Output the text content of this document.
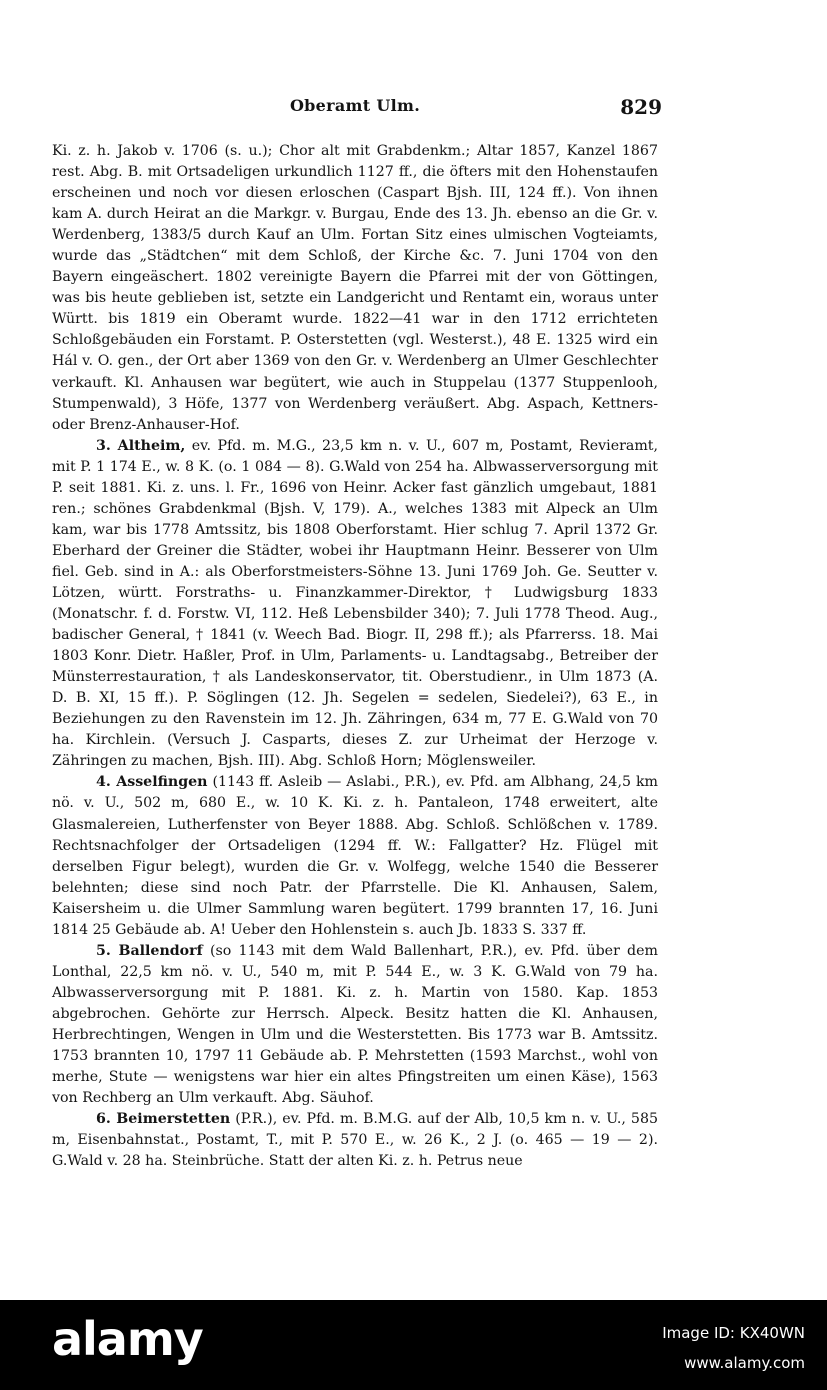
Oberamt Ulm.	829

Ki. z. h. Jakob v. 1706 (s. u.); Chor alt mit Grabdenkm.; Altar 1857, Kanzel 1867 rest. Abg. B. mit Ortsadeligen urkundlich 1127 ff., die öfters mit den Hohenstaufen erscheinen und noch vor diesen erloschen (Caspart Bjsh. III, 124 ff.). Von ihnen kam A. durch Heirat an die Markgr. v. Burgau, Ende des 13. Jh. ebenso an die Gr. v. Werdenberg, 1383/5 durch Kauf an Ulm. Fortan Sitz eines ulmischen Vogteiamts, wurde das „Städtchen“ mit dem Schloß, der Kirche &c. 7. Juni 1704 von den Bayern eingeäschert. 1802 vereinigte Bayern die Pfarrei mit der von Göttingen, was bis heute geblieben ist, setzte ein Landgericht und Rentamt ein, woraus unter Württ. bis 1819 ein Oberamt wurde. 1822—41 war in den 1712 errichteten Schloßgebäuden ein Forstamt. P. Osterstetten (vgl. Westerst.), 48 E. 1325 wird ein Hál v. O. gen., der Ort aber 1369 von den Gr. v. Werdenberg an Ulmer Geschlechter verkauft. Kl. Anhausen war begütert, wie auch in Stuppelau (1377 Stuppenlooh, Stumpenwald), 3 Höfe, 1377 von Werdenberg veräußert. Abg. Aspach, Kettners- oder Brenz-Anhauser-Hof.

3. Altheim, ev. Pfd. m. M.G., 23,5 km n. v. U., 607 m, Postamt, Revieramt, mit P. 1 174 E., w. 8 K. (o. 1 084 — 8). G.Wald von 254 ha. Albwasserversorgung mit P. seit 1881. Ki. z. uns. l. Fr., 1696 von Heinr. Acker fast gänzlich umgebaut, 1881 ren.; schönes Grabdenkmal (Bjsh. V, 179). A., welches 1383 mit Alpeck an Ulm kam, war bis 1778 Amtssitz, bis 1808 Oberforstamt. Hier schlug 7. April 1372 Gr. Eberhard der Greiner die Städter, wobei ihr Hauptmann Heinr. Besserer von Ulm fiel. Geb. sind in A.: als Oberforstmeisters-Söhne 13. Juni 1769 Joh. Ge. Seutter v. Lötzen, württ. Forstraths- u. Finanzkammer-Direktor, † Ludwigsburg 1833 (Monatschr. f. d. Forstw. VI, 112. Heß Lebensbilder 340); 7. Juli 1778 Theod. Aug., badischer General, † 1841 (v. Weech Bad. Biogr. II, 298 ff.); als Pfarrerss. 18. Mai 1803 Konr. Dietr. Haßler, Prof. in Ulm, Parlaments- u. Landtagsabg., Betreiber der Münsterrestauration, † als Landeskonservator, tit. Oberstudienr., in Ulm 1873 (A. D. B. XI, 15 ff.). P. Söglingen (12. Jh. Segelen = sedelen, Siedelei?), 63 E., in Beziehungen zu den Ravenstein im 12. Jh. Zähringen, 634 m, 77 E. G.Wald von 70 ha. Kirchlein. (Versuch J. Casparts, dieses Z. zur Urheimat der Herzoge v. Zähringen zu machen, Bjsh. III). Abg. Schloß Horn; Möglensweiler.

4. Asselfingen (1143 ff. Asleib — Aslabi., P.R.), ev. Pfd. am Albhang, 24,5 km nö. v. U., 502 m, 680 E., w. 10 K. Ki. z. h. Pantaleon, 1748 erweitert, alte Glasmalereien, Lutherfenster von Beyer 1888. Abg. Schloß. Schlößchen v. 1789. Rechtsnachfolger der Ortsadeligen (1294 ff. W.: Fallgatter? Hz. Flügel mit derselben Figur belegt), wurden die Gr. v. Wolfegg, welche 1540 die Besserer belehnten; diese sind noch Patr. der Pfarrstelle. Die Kl. Anhausen, Salem, Kaisersheim u. die Ulmer Sammlung waren begütert. 1799 brannten 17, 16. Juni 1814 25 Gebäude ab. A! Ueber den Hohlenstein s. auch Jb. 1833 S. 337 ff.

5. Ballendorf (so 1143 mit dem Wald Ballenhart, P.R.), ev. Pfd. über dem Lonthal, 22,5 km nö. v. U., 540 m, mit P. 544 E., w. 3 K. G.Wald von 79 ha. Albwasserversorgung mit P. 1881. Ki. z. h. Martin von 1580. Kap. 1853 abgebrochen. Gehörte zur Herrsch. Alpeck. Besitz hatten die Kl. Anhausen, Herbrechtingen, Wengen in Ulm und die Westerstetten. Bis 1773 war B. Amtssitz. 1753 brannten 10, 1797 11 Gebäude ab. P. Mehrstetten (1593 Marchst., wohl von merhe, Stute — wenigstens war hier ein altes Pfingstreiten um einen Käse), 1563 von Rechberg an Ulm verkauft. Abg. Säuhof.

6. Beimerstetten (P.R.), ev. Pfd. m. B.M.G. auf der Alb, 10,5 km n. v. U., 585 m, Eisenbahnstat., Postamt, T., mit P. 570 E., w. 26 K., 2 J. (o. 465 — 19 — 2). G.Wald v. 28 ha. Steinbrüche. Statt der alten Ki. z. h. Petrus neue

alamy	Image ID: KX40WN
www.alamy.com
